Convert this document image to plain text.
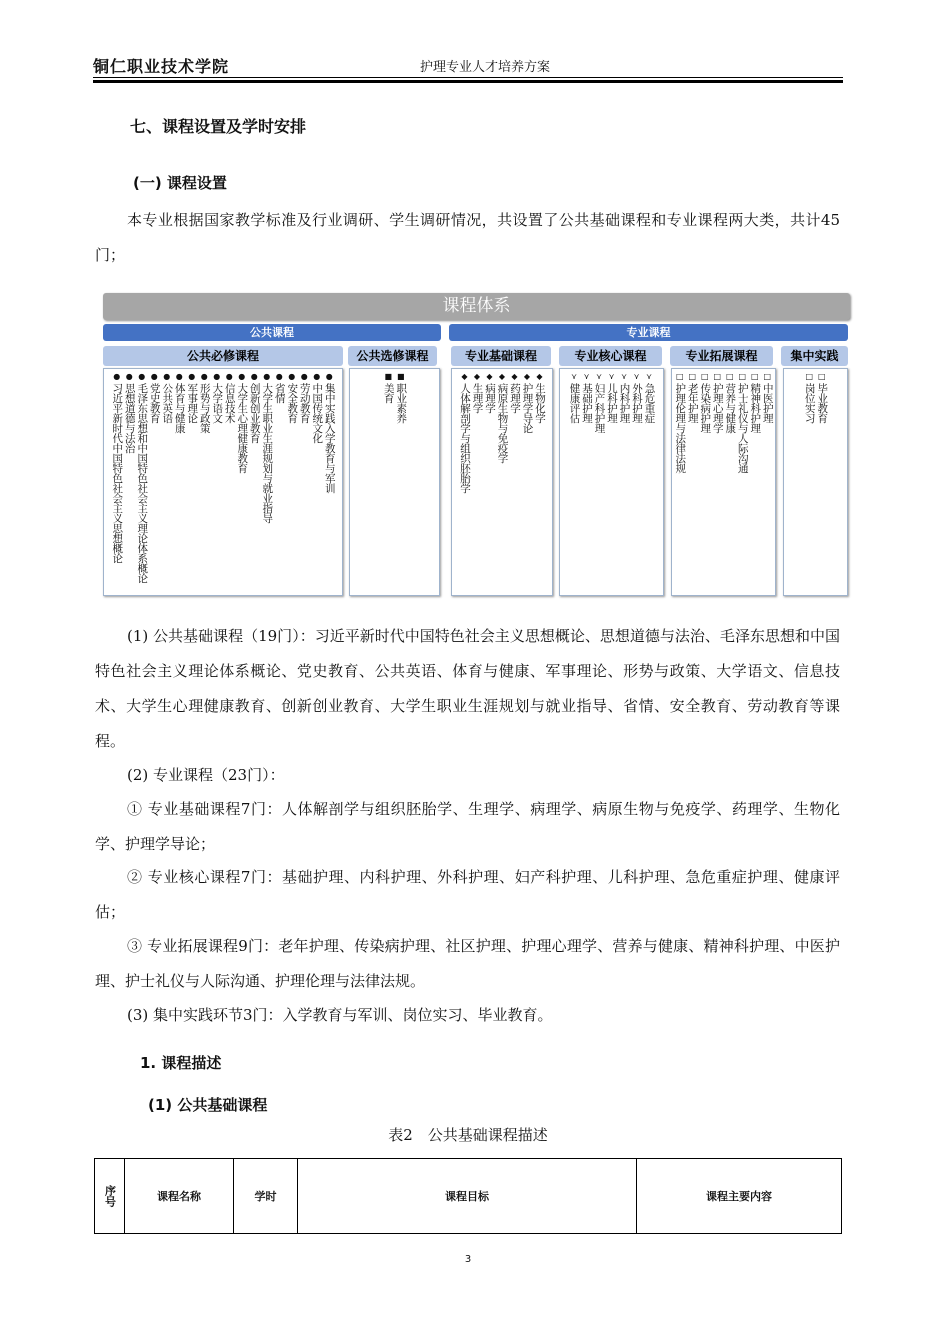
铜仁职业技术学院	护理专业人才培养方案
七、课程设置及学时安排
(一) 课程设置
本专业根据国家教学标准及行业调研、学生调研情况，共设置了公共基础课程和专业课程两大类，共计45门；
课程体系
公共课程	专业课程
公共必修课程
●
习近平新时代中国特色社会主义思想概论
●
思想道德与法治
●
毛泽东思想和中国特色社会主义理论体系概论
●
党史教育
●
公共英语
●
体育与健康
●
军事理论
●
形势与政策
●
大学语文
●
信息技术
●
大学生心理健康教育
●
创新创业教育
●
大学生职业生涯规划与就业指导
●
省情
●
安全教育
●
劳动教育
●
中国传统文化
●
集中实践入学教育与军训
公共选修课程
■
美育
■
职业素养
专业基础课程
◆
人体解剖学与组织胚胎学
◆
生理学
◆
病理学
◆
病原生物与免疫学
◆
药理学
◆
护理学导论
◆
生物化学
专业核心课程
⋎
健康评估
⋎
基础护理
⋎
妇产科护理
⋎
儿科护理
⋎
内科护理
⋎
外科护理
⋎
急危重症
专业拓展课程
□
护理伦理与法律法规
□
老年护理
□
传染病护理
□
护理心理学
□
营养与健康
□
护士礼仪与人际沟通
□
精神科护理
□
中医护理
集中实践
□
岗位实习
□
毕业教育
(1) 公共基础课程（19门）：习近平新时代中国特色社会主义思想概论、思想道德与法治、毛泽东思想和中国特色社会主义理论体系概论、党史教育、公共英语、体育与健康、军事理论、形势与政策、大学语文、信息技术、大学生心理健康教育、创新创业教育、大学生职业生涯规划与就业指导、省情、安全教育、劳动教育等课程。
(2) 专业课程（23门）：
① 专业基础课程7门：人体解剖学与组织胚胎学、生理学、病理学、病原生物与免疫学、药理学、生物化学、护理学导论；
② 专业核心课程7门：基础护理、内科护理、外科护理、妇产科护理、儿科护理、急危重症护理、健康评估；
③ 专业拓展课程9门：老年护理、传染病护理、社区护理、护理心理学、营养与健康、精神科护理、中医护理、护士礼仪与人际沟通、护理伦理与法律法规。
(3) 集中实践环节3门：入学教育与军训、岗位实习、毕业教育。
1. 课程描述
(1) 公共基础课程
表2　公共基础课程描述
序号	课程名称	学时	课程目标	课程主要内容
3
